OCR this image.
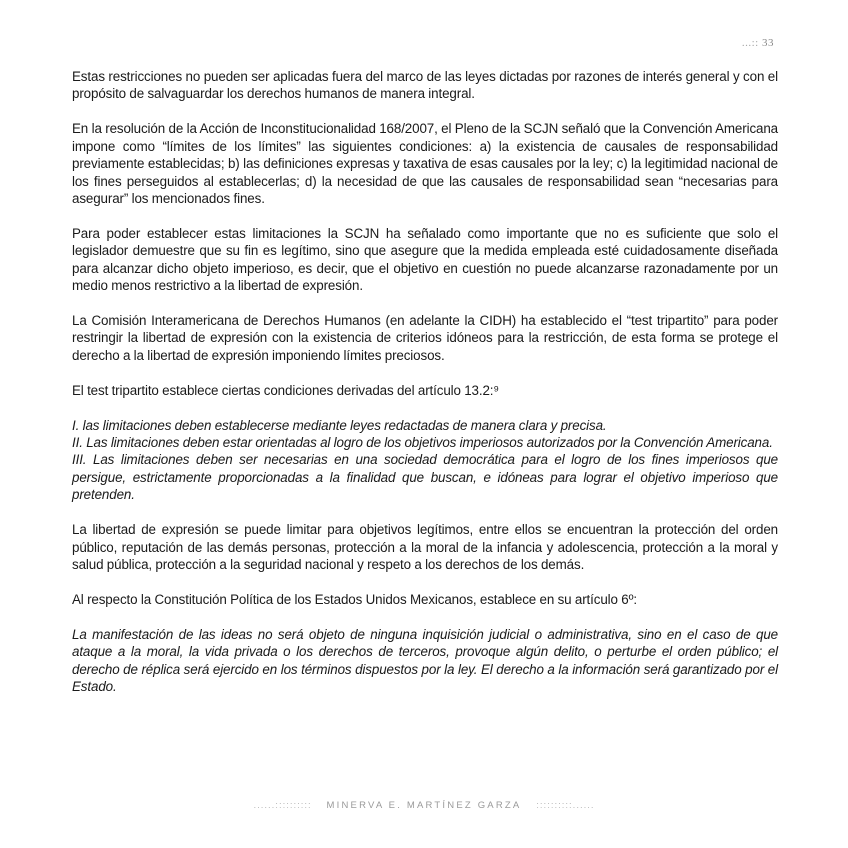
...:: 33

Estas restricciones no pueden ser aplicadas fuera del marco de las leyes dictadas por razones de interés general y con el propósito de salvaguardar los derechos humanos de manera integral.

En la resolución de la Acción de Inconstitucionalidad 168/2007, el Pleno de la SCJN señaló que la Convención Americana impone como “límites de los límites” las siguientes condiciones: a) la existencia de causales de responsabilidad previamente establecidas; b) las definiciones expresas y taxativa de esas causales por la ley; c) la legitimidad nacional de los fines perseguidos al establecerlas; d) la necesidad de que las causales de responsabilidad sean “necesarias para asegurar” los mencionados fines.

Para poder establecer estas limitaciones la SCJN ha señalado como importante que no es suficiente que solo el legislador demuestre que su fin es legítimo, sino que asegure que la medida empleada esté cuidadosamente diseñada para alcanzar dicho objeto imperioso, es decir, que el objetivo en cuestión no puede alcanzarse razonadamente por un medio menos restrictivo a la libertad de expresión.

La Comisión Interamericana de Derechos Humanos (en adelante la CIDH) ha establecido el “test tripartito” para poder restringir la libertad de expresión con la existencia de criterios idóneos para la restricción, de esta forma se protege el derecho a la libertad de expresión imponiendo límites preciosos.

El test tripartito establece ciertas condiciones derivadas del artículo 13.2:⁹

I. las limitaciones deben establecerse mediante leyes redactadas de manera clara y precisa.
II. Las limitaciones deben estar orientadas al logro de los objetivos imperiosos autorizados por la Convención Americana.
III. Las limitaciones deben ser necesarias en una sociedad democrática para el logro de los fines imperiosos que persigue, estrictamente proporcionadas a la finalidad que buscan, e idóneas para lograr el objetivo imperioso que pretenden.

La libertad de expresión se puede limitar para objetivos legítimos, entre ellos se encuentran la protección del orden público, reputación de las demás personas, protección a la moral de la infancia y adolescencia, protección a la moral y salud pública, protección a la seguridad nacional y respeto a los derechos de los demás.

Al respecto la Constitución Política de los Estados Unidos Mexicanos, establece en su artículo 6º:

La manifestación de las ideas no será objeto de ninguna inquisición judicial o administrativa, sino en el caso de que ataque a la moral, la vida privada o los derechos de terceros, provoque algún delito, o perturbe el orden público; el derecho de réplica será ejercido en los términos dispuestos por la ley. El derecho a la información será garantizado por el Estado.

......:::::::::: MINERVA E. MARTÍNEZ GARZA ::::::::::......
